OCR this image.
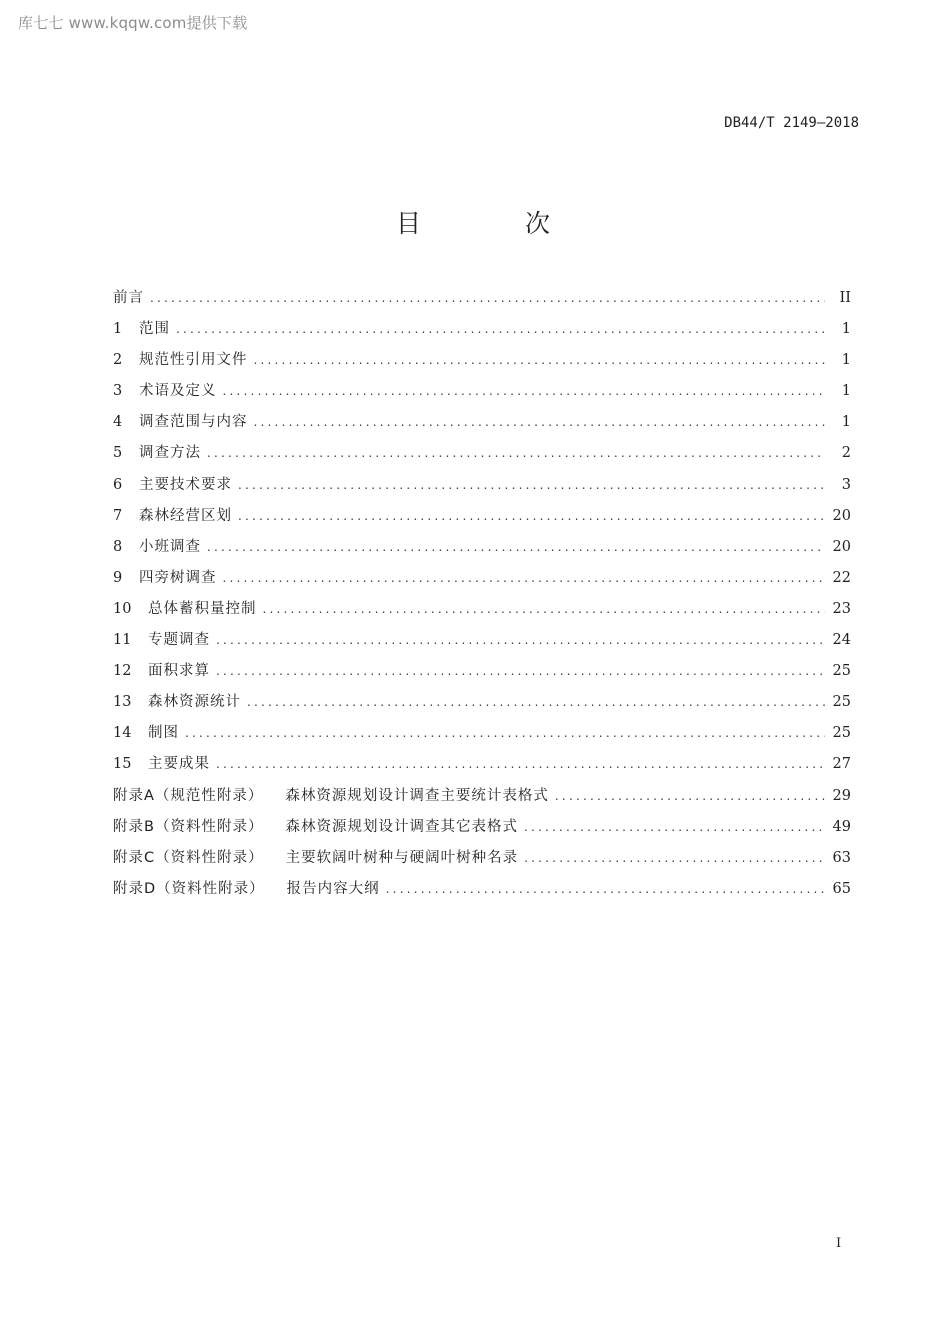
库七七 www.kqqw.com提供下载
DB44/T 2149—2018
目 次
前言 .....	II
1	范围 .....	1
2	规范性引用文件 .....	1
3	术语及定义 .....	1
4	调查范围与内容 .....	1
5	调查方法 .....	2
6	主要技术要求 .....	3
7	森林经营区划 .....	20
8	小班调查 .....	20
9	四旁树调查 .....	22
10	总体蓄积量控制 .....	23
11	专题调查 .....	24
12	面积求算 .....	25
13	森林资源统计 .....	25
14	制图 .....	25
15	主要成果 .....	27
附录A（规范性附录） 森林资源规划设计调查主要统计表格式 .....	29
附录B（资料性附录） 森林资源规划设计调查其它表格式 .....	49
附录C（资料性附录） 主要软阔叶树种与硬阔叶树种名录 .....	63
附录D（资料性附录） 报告内容大纲 .....	65
I
